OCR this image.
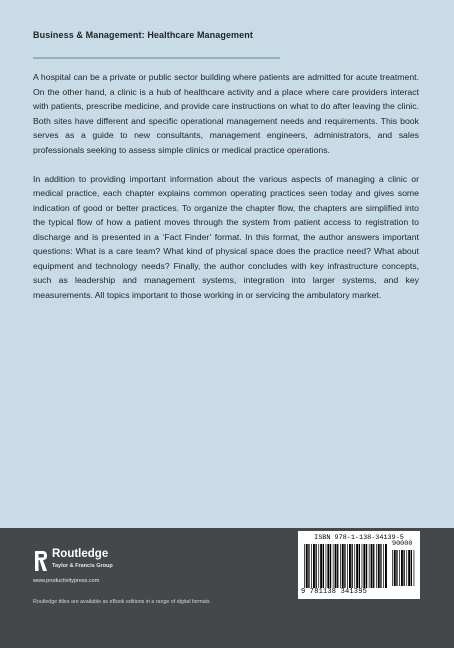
Business & Management: Healthcare Management

A hospital can be a private or public sector building where patients are admitted for acute treatment. On the other hand, a clinic is a hub of healthcare activity and a place where care providers interact with patients, prescribe medicine, and provide care instructions on what to do after leaving the clinic. Both sites have different and specific operational management needs and requirements. This book serves as a guide to new consultants, management engineers, administrators, and sales professionals seeking to assess simple clinics or medical practice operations.

In addition to providing important information about the various aspects of managing a clinic or medical practice, each chapter explains common operating practices seen today and gives some indication of good or better practices. To organize the chapter flow, the chapters are simplified into the typical flow of how a patient moves through the system from patient access to registration to discharge and is presented in a ‘Fact Finder’ format. In this format, the author answers important questions: What is a care team? What kind of physical space does the practice need? What about equipment and technology needs? Finally, the author concludes with key infrastructure concepts, such as leadership and management systems, integration into larger systems, and key measurements. All topics important to those working in or servicing the ambulatory market.

Routledge
Taylor & Francis Group
www.productivitypress.com
Routledge titles are available as eBook editions in a range of digital formats
ISBN 978-1-138-34139-5
9 781138 341395
90000
